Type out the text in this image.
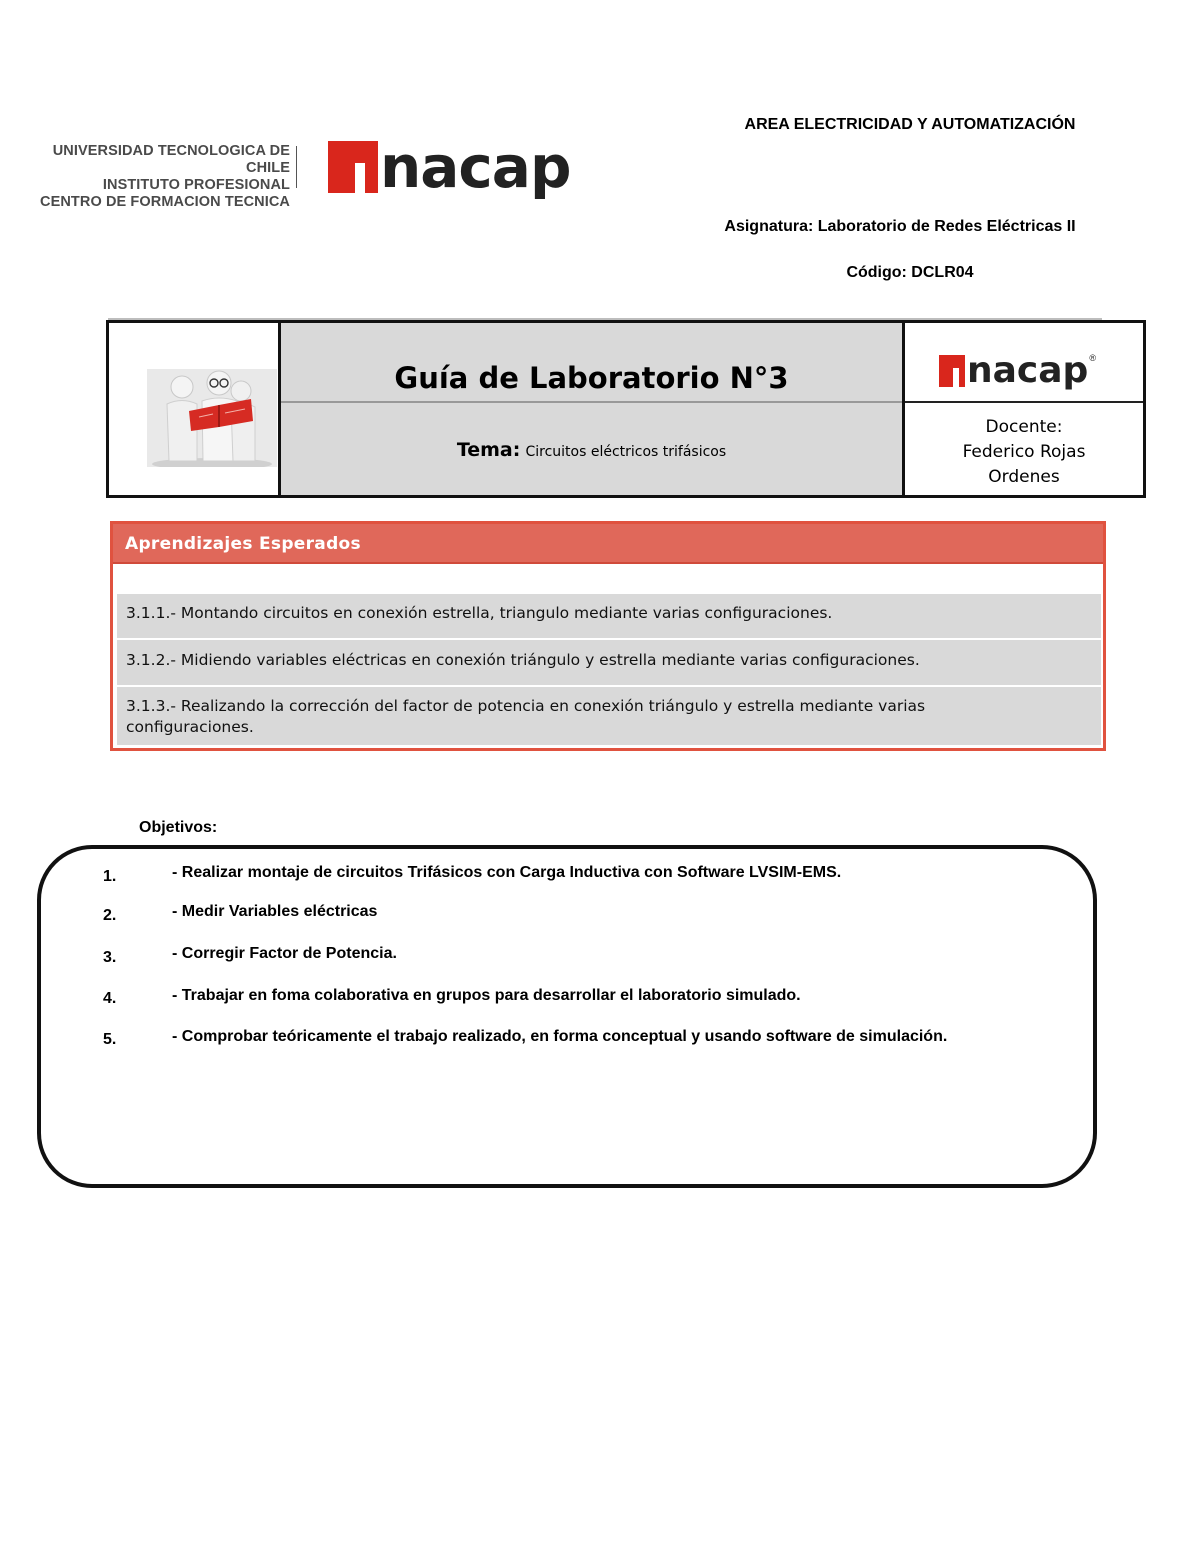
UNIVERSIDAD TECNOLOGICA DE CHILE
INSTITUTO PROFESIONAL
CENTRO DE FORMACION TECNICA
nacap
AREA ELECTRICIDAD Y AUTOMATIZACIÓN
Asignatura: Laboratorio de Redes Eléctricas II
Código: DCLR04
Guía de Laboratorio N°3
Tema: Circuitos eléctricos trifásicos
nacap ®
Docente:
Federico Rojas
Ordenes
Aprendizajes Esperados
3.1.1.- Montando circuitos en conexión estrella, triangulo mediante varias configuraciones.
3.1.2.- Midiendo variables eléctricas en conexión triángulo y estrella mediante varias configuraciones.
3.1.3.- Realizando la corrección del factor de potencia en conexión triángulo y estrella mediante varias
configuraciones.
Objetivos:
1.	- Realizar montaje de circuitos Trifásicos con Carga Inductiva con Software LVSIM-EMS.
2.	- Medir Variables eléctricas
3.	- Corregir Factor de Potencia.
4.	- Trabajar en foma colaborativa en grupos para desarrollar el laboratorio simulado.
5.	- Comprobar teóricamente el trabajo realizado, en forma conceptual y usando software de simulación.
